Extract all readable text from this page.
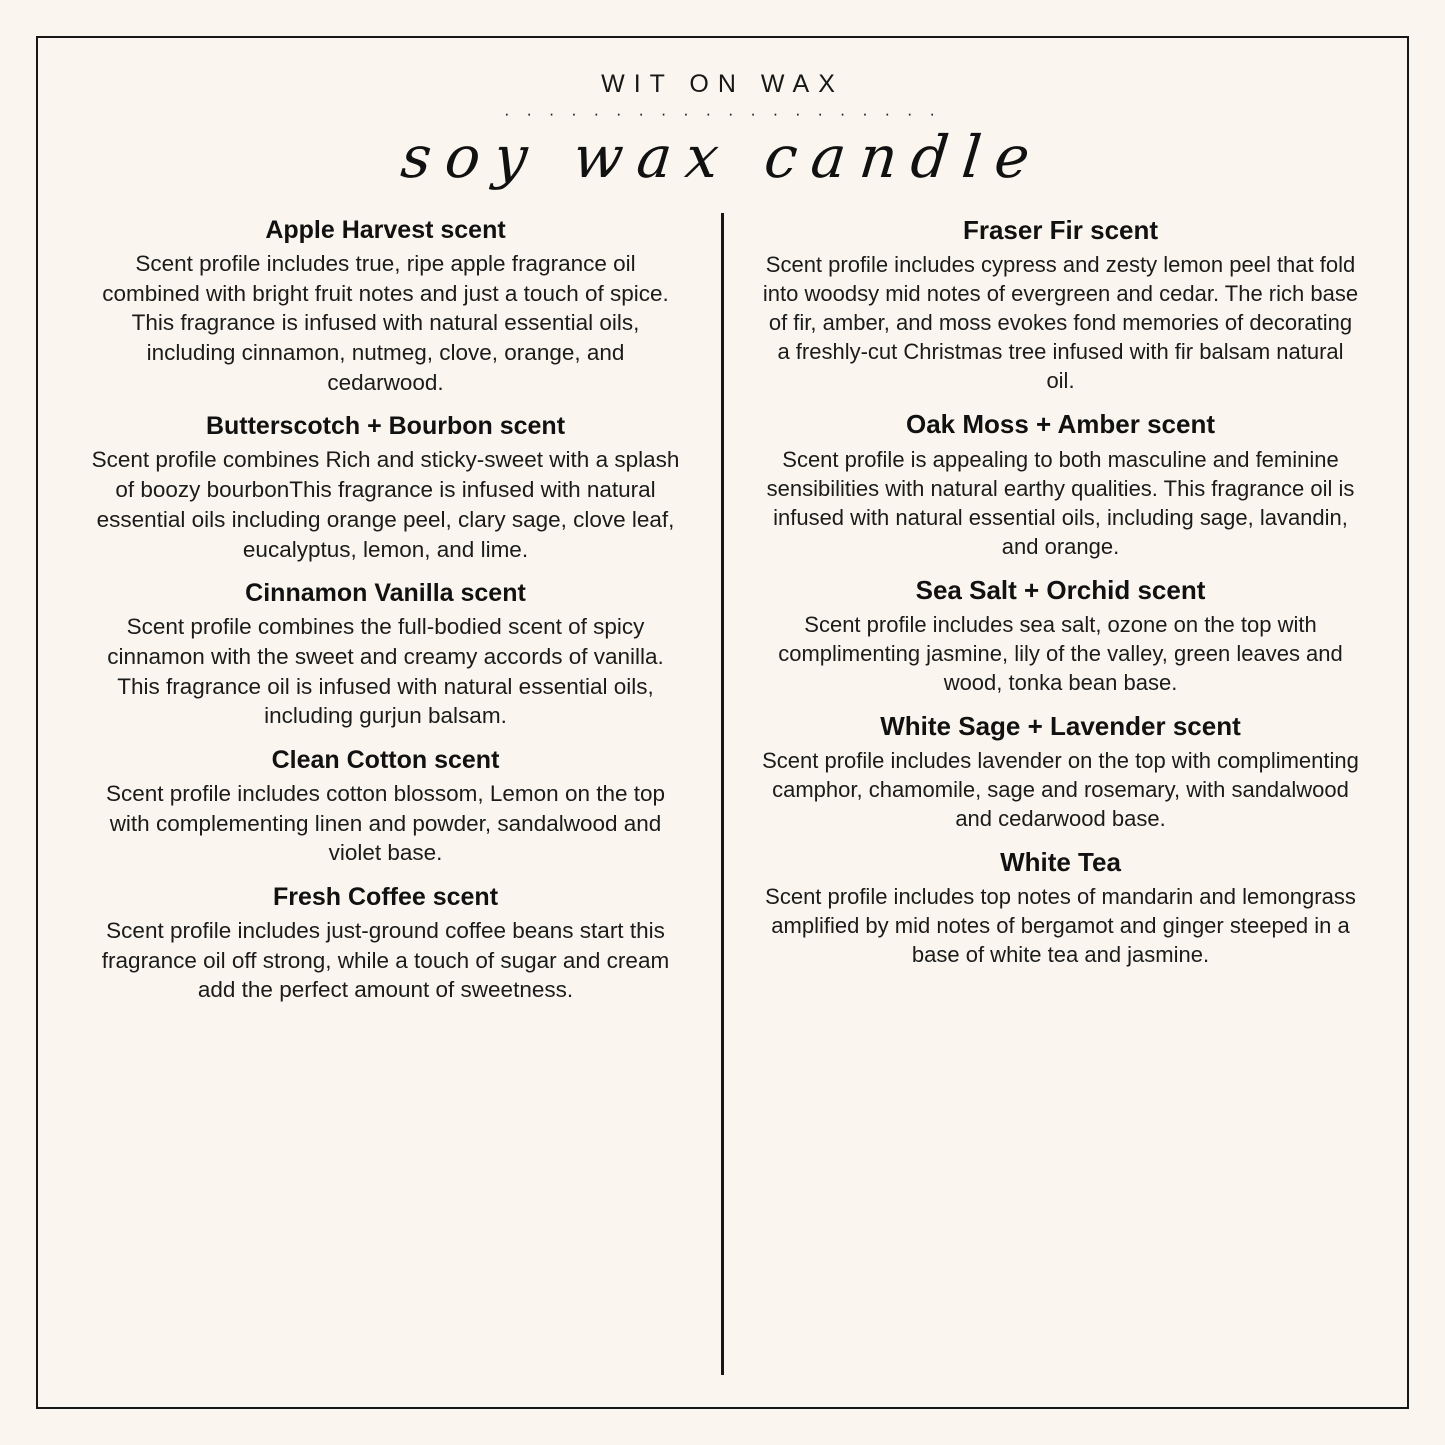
WIT ON WAX
· · · · · · · · · · · · · · · · · · · ·
soy wax candle
Apple Harvest scent
Scent profile includes true, ripe apple fragrance oil combined with bright fruit notes and just a touch of spice. This fragrance is infused with natural essential oils, including cinnamon, nutmeg, clove, orange, and cedarwood.
Butterscotch + Bourbon scent
Scent profile combines Rich and sticky-sweet with a splash of boozy bourbonThis fragrance is infused with natural essential oils including orange peel, clary sage, clove leaf, eucalyptus, lemon, and lime.
Cinnamon Vanilla scent
Scent profile combines the full-bodied scent of spicy cinnamon with the sweet and creamy accords of vanilla. This fragrance oil is infused with natural essential oils, including gurjun balsam.
Clean Cotton scent
Scent profile includes cotton blossom, Lemon on the top with complementing linen and powder, sandalwood and violet base.
Fresh Coffee scent
Scent profile includes just-ground coffee beans start this fragrance oil off strong, while a touch of sugar and cream add the perfect amount of sweetness.
Fraser Fir scent
Scent profile includes cypress and zesty lemon peel that fold into woodsy mid notes of evergreen and cedar. The rich base of fir, amber, and moss evokes fond memories of decorating a freshly-cut Christmas tree infused with fir balsam natural oil.
Oak Moss + Amber scent
Scent profile is appealing to both masculine and feminine sensibilities with natural earthy qualities. This fragrance oil is infused with natural essential oils, including sage, lavandin, and orange.
Sea Salt + Orchid scent
Scent profile includes sea salt, ozone on the top with complimenting jasmine, lily of the valley, green leaves and wood, tonka bean base.
White Sage + Lavender scent
Scent profile includes lavender on the top with complimenting camphor, chamomile, sage and rosemary, with sandalwood and cedarwood base.
White Tea
Scent profile includes top notes of mandarin and lemongrass amplified by mid notes of bergamot and ginger steeped in a base of white tea and jasmine.
